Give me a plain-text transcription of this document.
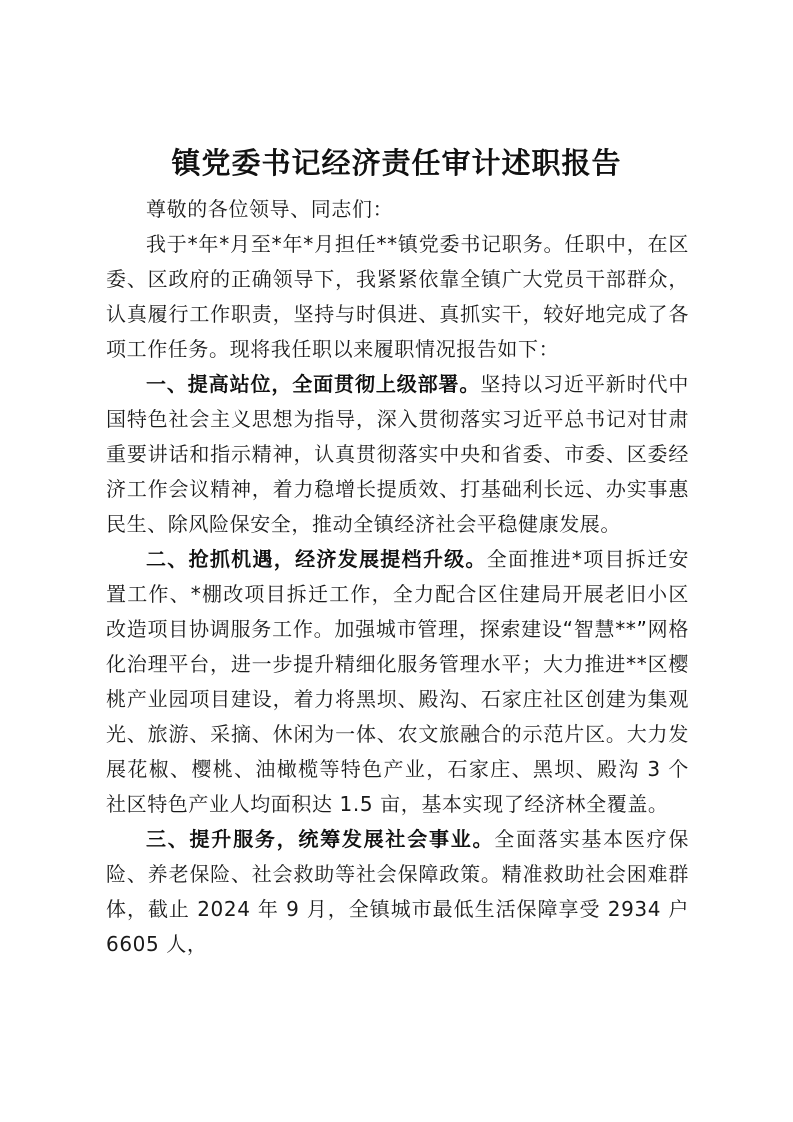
镇党委书记经济责任审计述职报告

尊敬的各位领导、同志们：

我于*年*月至*年*月担任**镇党委书记职务。任职中，在区委、区政府的正确领导下，我紧紧依靠全镇广大党员干部群众，认真履行工作职责，坚持与时俱进、真抓实干，较好地完成了各项工作任务。现将我任职以来履职情况报告如下：

一、提高站位，全面贯彻上级部署。坚持以习近平新时代中国特色社会主义思想为指导，深入贯彻落实习近平总书记对甘肃重要讲话和指示精神，认真贯彻落实中央和省委、市委、区委经济工作会议精神，着力稳增长提质效、打基础利长远、办实事惠民生、除风险保安全，推动全镇经济社会平稳健康发展。

二、抢抓机遇，经济发展提档升级。全面推进*项目拆迁安置工作、*棚改项目拆迁工作，全力配合区住建局开展老旧小区改造项目协调服务工作。加强城市管理，探索建设“智慧**”网格化治理平台，进一步提升精细化服务管理水平；大力推进**区樱桃产业园项目建设，着力将黑坝、殿沟、石家庄社区创建为集观光、旅游、采摘、休闲为一体、农文旅融合的示范片区。大力发展花椒、樱桃、油橄榄等特色产业，石家庄、黑坝、殿沟 3 个社区特色产业人均面积达 1.5 亩，基本实现了经济林全覆盖。

三、提升服务，统筹发展社会事业。全面落实基本医疗保险、养老保险、社会救助等社会保障政策。精准救助社会困难群体，截止 2024 年 9 月，全镇城市最低生活保障享受 2934 户 6605 人，
